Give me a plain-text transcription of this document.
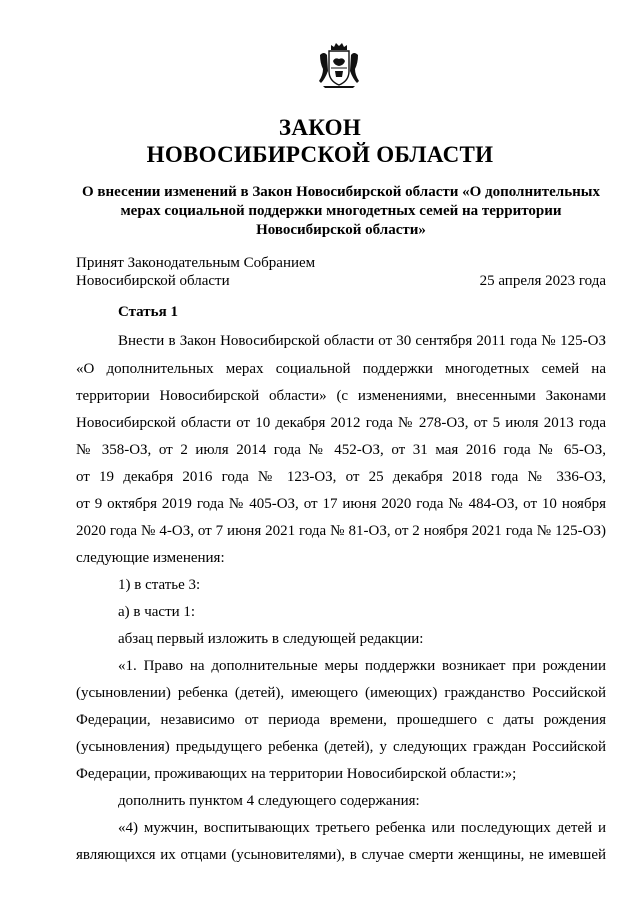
ЗАКОН
НОВОСИБИРСКОЙ ОБЛАСТИ
О внесении изменений в Закон Новосибирской области «О дополнительных
мерах социальной поддержки многодетных семей на территории
Новосибирской области»
Принят Законодательным Собранием
Новосибирской области	25 апреля 2023 года
Статья 1
Внести в Закон Новосибирской области от 30 сентября 2011 года № 125-ОЗ
«О дополнительных мерах социальной поддержки многодетных семей на
территории Новосибирской области» (с изменениями, внесенными Законами
Новосибирской области от 10 декабря 2012 года № 278-ОЗ, от 5 июля 2013 года
№ 358-ОЗ, от 2 июля 2014 года № 452-ОЗ, от 31 мая 2016 года № 65-ОЗ,
от 19 декабря 2016 года № 123-ОЗ, от 25 декабря 2018 года № 336-ОЗ,
от 9 октября 2019 года № 405-ОЗ, от 17 июня 2020 года № 484-ОЗ, от 10 ноября
2020 года № 4-ОЗ, от 7 июня 2021 года № 81-ОЗ, от 2 ноября 2021 года № 125-ОЗ)
следующие изменения:
1) в статье 3:
а) в части 1:
абзац первый изложить в следующей редакции:
«1. Право на дополнительные меры поддержки возникает при рождении
(усыновлении) ребенка (детей), имеющего (имеющих) гражданство Российской
Федерации, независимо от периода времени, прошедшего с даты рождения
(усыновления) предыдущего ребенка (детей), у следующих граждан Российской
Федерации, проживающих на территории Новосибирской области:»;
дополнить пунктом 4 следующего содержания:
«4) мужчин, воспитывающих третьего ребенка или последующих детей и
являющихся их отцами (усыновителями), в случае смерти женщины, не имевшей
